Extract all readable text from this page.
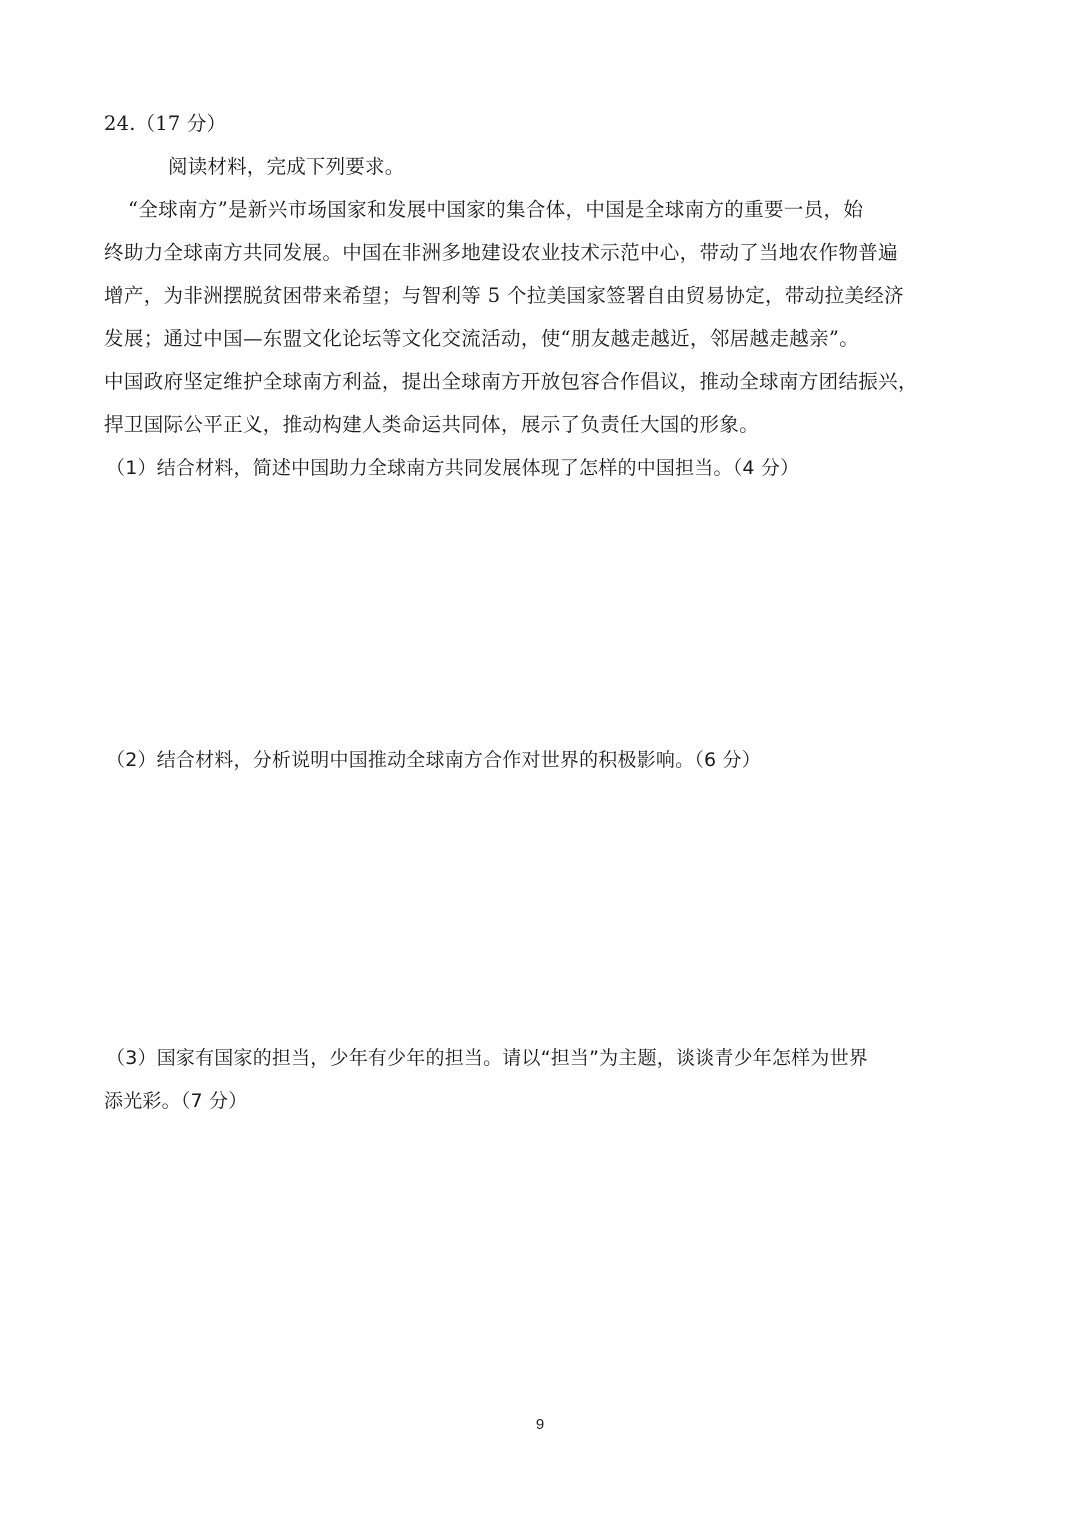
24.（17 分）
阅读材料，完成下列要求。
“全球南方”是新兴市场国家和发展中国家的集合体，中国是全球南方的重要一员，始
终助力全球南方共同发展。中国在非洲多地建设农业技术示范中心，带动了当地农作物普遍
增产，为非洲摆脱贫困带来希望；与智利等 5 个拉美国家签署自由贸易协定，带动拉美经济
发展；通过中国—东盟文化论坛等文化交流活动，使“朋友越走越近，邻居越走越亲”。
中国政府坚定维护全球南方利益，提出全球南方开放包容合作倡议，推动全球南方团结振兴，
捍卫国际公平正义，推动构建人类命运共同体，展示了负责任大国的形象。
（1）结合材料，简述中国助力全球南方共同发展体现了怎样的中国担当。（4 分）
（2）结合材料，分析说明中国推动全球南方合作对世界的积极影响。（6 分）
（3）国家有国家的担当，少年有少年的担当。请以“担当”为主题，谈谈青少年怎样为世界
添光彩。（7 分）
9
